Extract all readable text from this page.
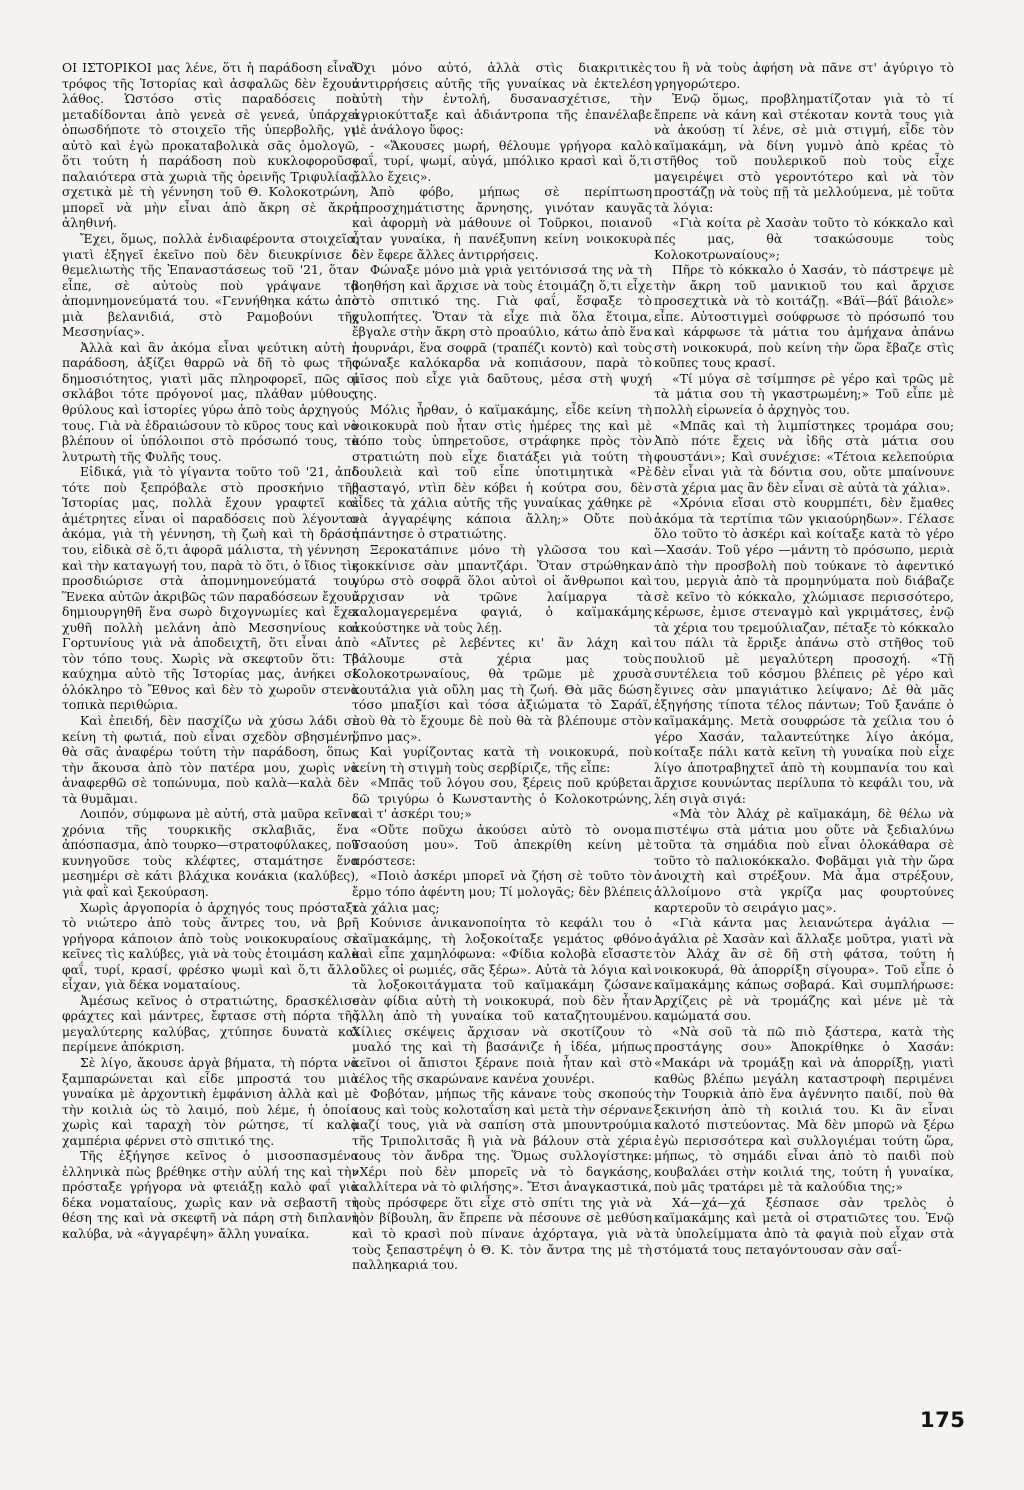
ΟΙ ΙΣΤΟΡΙΚΟΙ μας λένε, ὅτι ἡ παράδοση εἶναι τρόφος τῆς Ἱστορίας καὶ ἀσφαλῶς δὲν ἔχουν λάθος. Ὡστόσο στὶς παραδόσεις ποὺ μεταδίδονται ἀπὸ γενεὰ σὲ γενεά, ὑπάρχει ὁπωσδήποτε τὸ στοιχεῖο τῆς ὑπερβολῆς, γι' αὐτὸ καὶ ἐγὼ προκαταβολικὰ σᾶς ὁμολογῶ, ὅτι τούτη ἡ παράδοση ποὺ κυκλοφοροῦσε παλαιότερα στὰ χωριὰ τῆς ὀρεινῆς Τριφυλίας, σχετικὰ μὲ τὴ γέννηση τοῦ Θ. Κολοκοτρώνη, μπορεῖ νὰ μὴν εἶναι ἀπὸ ἄκρη σὲ ἄκρη ἀληθινή.

Ἔχει, ὅμως, πολλὰ ἐνδιαφέροντα στοιχεῖα, γιατὶ ἐξηγεῖ ἐκεῖνο ποὺ δὲν διευκρίνισε ὁ θεμελιωτὴς τῆς Ἐπαναστάσεως τοῦ '21, ὅταν εἶπε, σὲ αὐτοὺς ποὺ γράψανε τὰ ἀπομνημονεύματά του. «Γεννήθηκα κάτω ἀπὸ μιὰ βελανιδιά, στὸ Ραμοβούνι τῆς Μεσσηνίας».

Ἀλλὰ καὶ ἂν ἀκόμα εἶναι ψεύτικη αὐτὴ ἡ παράδοση, ἀξίζει θαρρῶ νὰ δῆ τὸ φως τῆς δημοσιότητος, γιατὶ μᾶς πληροφορεῖ, πῶς οἱ σκλάβοι τότε πρόγονοί μας, πλάθαν μύθους, θρύλους καὶ ἱστορίες γύρω ἀπὸ τοὺς ἀρχηγούς τους. Γιὰ νὰ ἑδραιώσουν τὸ κῦρος τους καὶ νὰ βλέπουν οἱ ὑπόλοιποι στὸ πρόσωπό τους, τὸ λυτρωτὴ τῆς Φυλῆς τους.

Εἰδικά, γιὰ τὸ γίγαντα τοῦτο τοῦ '21, ἀπὸ τότε ποὺ ξεπρόβαλε στὸ προσκήνιο τῆς Ἱστορίας μας, πολλὰ ἔχουν γραφτεῖ καὶ ἀμέτρητες εἶναι οἱ παραδόσεις ποὺ λέγονται ἀκόμα, γιὰ τὴ γέννηση, τὴ ζωὴ καὶ τὴ δράση του, εἰδικὰ σὲ ὅ,τι ἀφορᾶ μάλιστα, τὴ γέννηση καὶ τὴν καταγωγή του, παρὰ τὸ ὅτι, ὁ ἴδιος τὶς προσδιώρισε στὰ ἀπομνημονεύματά του. Ἕνεκα αὐτῶν ἀκριβῶς τῶν παραδόσεων ἔχουν δημιουργηθῆ ἕνα σωρὸ διχογνωμίες καὶ ἔχει χυθῆ πολλὴ μελάνη ἀπὸ Μεσσηνίους καὶ Γορτυνίους γιὰ νὰ ἀποδειχτῆ, ὅτι εἶναι ἀπὸ τὸν τόπο τους. Χωρὶς νὰ σκεφτοῦν ὅτι: Τὸ καύχημα αὐτὸ τῆς Ἱστορίας μας, ἀνήκει σὲ ὁλόκληρο τὸ Ἔθνος καὶ δὲν τὸ χωροῦν στενὰ τοπικὰ περιθώρια.

Καὶ ἐπειδή, δὲν πασχίζω νὰ χύσω λάδι σὲ κείνη τὴ φωτιά, ποὺ εἶναι σχεδὸν σβησμένη, θὰ σᾶς ἀναφέρω τούτη τὴν παράδοση, ὅπως τὴν ἄκουσα ἀπὸ τὸν πατέρα μου, χωρὶς νὰ ἀναφερθῶ σὲ τοπώνυμα, ποὺ καλὰ—καλὰ δὲν τὰ θυμᾶμαι.

Λοιπόν, σύμφωνα μὲ αὐτή, στὰ μαῦρα κεῖνα χρόνια τῆς τουρκικῆς σκλαβιᾶς, ἕνα ἀπόσπασμα, ἀπὸ τουρκο—στρατοφύλακες, ποὺ κυνηγοῦσε τοὺς κλέφτες, σταμάτησε ἕνα μεσημέρι σὲ κάτι βλάχικα κονάκια (καλύβες), γιὰ φαῒ καὶ ξεκούραση.

Χωρὶς ἀργοπορία ὁ ἀρχηγός τους πρόσταξε τὸ νιώτερο ἀπὸ τοὺς ἄντρες του, νὰ βρῆ γρήγορα κάποιον ἀπὸ τοὺς νοικοκυραίους σὲ κεῖνες τὶς καλύβες, γιὰ νὰ τοὺς ἑτοιμάση καλὸ φαΐ, τυρί, κρασί, φρέσκο ψωμὶ καὶ ὅ,τι ἄλλο εἶχαν, γιὰ δέκα νοματαίους.

Ἀμέσως κεῖνος ὁ στρατιώτης, δρασκέλισε φράχτες καὶ μάντρες, ἔφτασε στὴ πόρτα τῆς μεγαλύτερης καλύβας, χτύπησε δυνατὰ καὶ περίμενε ἀπόκριση.

Σὲ λίγο, ἄκουσε ἀργὰ βήματα, τὴ πόρτα νὰ ξαμπαρώνεται καὶ εἶδε μπροστά του μιὰ γυναίκα μὲ ἀρχοντικὴ ἐμφάνιση ἀλλὰ καὶ μὲ τὴν κοιλιὰ ὡς τὸ λαιμό, ποὺ λέμε, ἡ ὁποία χωρὶς καὶ ταραχὴ τὸν ρώτησε, τί καλὰ χαμπέρια φέρνει στὸ σπιτικό της.

Τῆς ἐξήγησε κεῖνος ὁ μισοσπασμένα ἑλληνικὰ πὼς βρέθηκε στὴν αὐλή της καὶ τὴν πρόσταξε γρήγορα νὰ φτειάξῃ καλὸ φαΐ γιὰ δέκα νοματαίους, χωρὶς καν νὰ σεβαστῆ τὴ θέση της καὶ νὰ σκεφτῆ νὰ πάρη στὴ διπλανὴ καλύβα, νὰ «ἀγγαρέψη» ἄλλη γυναίκα.

Ὄχι μόνο αὐτό, ἀλλὰ στὶς διακριτικὲς ἀντιρρήσεις αὐτῆς τῆς γυναίκας νὰ ἐκτελέση αὐτὴ τὴν ἐντολή, δυσανασχέτισε, τὴν ἀγριοκύτταξε καὶ ἀδιάντροπα τῆς ἐπανέλαβε μὲ ἀνάλογο ὕφος:

- «Ἄκουσες μωρή, θέλουμε γρήγορα καλὸ φαΐ, τυρί, ψωμί, αὐγά, μπόλικο κρασὶ καὶ ὅ,τι ἄλλο ἔχεις».

Ἀπὸ φόβο, μήπως σὲ περίπτωση ἀπροσχημάτιστης ἄρνησης, γινόταν καυγᾶς καὶ ἀφορμὴ νὰ μάθουνε οἱ Τοῦρκοι, ποιανοῦ ἦταν γυναίκα, ἡ πανέξυπνη κείνη νοικοκυρὰ δὲν ἔφερε ἄλλες ἀντιρρήσεις.

Φώναξε μόνο μιὰ γριὰ γειτόνισσά της νὰ τὴ βοηθήση καὶ ἄρχισε νὰ τοὺς ἑτοιμάζη ὅ,τι εἶχε στὸ σπιτικό της. Γιὰ φαΐ, ἔσφαξε τὸ χυλοπήτες. Ὅταν τὰ εἶχε πιὰ ὅλα ἕτοιμα, ἔβγαλε στὴν ἄκρη στὸ προαύλιο, κάτω ἀπὸ ἕνα πουρνάρι, ἕνα σοφρᾶ (τραπέζι κοντὸ) καὶ τοὺς φώναξε καλόκαρδα νὰ κοπιάσουν, παρὰ τὸ μῖσος ποὺ εἶχε γιὰ δαῦτους, μέσα στὴ ψυχή της.

Μόλις ἦρθαν, ὁ καϊμακάμης, εἶδε κείνη τὴ νοικοκυρὰ ποὺ ἦταν στὶς ἡμέρες της καὶ μὲ κόπο τοὺς ὑπηρετοῦσε, στράφηκε πρὸς τὸν στρατιώτη ποὺ εἶχε διατάξει γιὰ τούτη τὴ δουλειὰ καὶ τοῦ εἶπε ὑποτιμητικὰ «Ρὲ βασταγό, ντὶπ δὲν κόβει ἡ κούτρα σου, δὲν εἶδες τὰ χάλια αὐτῆς τῆς γυναίκας χάθηκε ρὲ νὰ ἀγγαρέψης κάποια ἄλλη;» Οὔτε ποὺ ἀπάντησε ὁ στρατιώτης.

Ξεροκατάπινε μόνο τὴ γλῶσσα του καὶ κοκκίνισε σὰν μπαντζάρι. Ὅταν στρώθηκαν γύρω στὸ σοφρᾶ ὅλοι αὐτοὶ οἱ ἄνθρωποι καὶ ἄρχισαν νὰ τρῶνε λαίμαργα τὰ καλομαγερεμένα φαγιά, ὁ καϊμακάμης ἀκούστηκε νὰ τοὺς λέῃ.

«Αἴντες ρὲ λεβέντες κι' ἂν λάχη καὶ βάλουμε στὰ χέρια μας τοὺς Κολοκοτρωναίους, θὰ τρῶμε μὲ χρυσὰ κουτάλια γιὰ οὔλη μας τὴ ζωή. Θὰ μᾶς δώση τόσο μπαξίσι καὶ τόσα ἀξιώματα τὸ Σαράϊ, ποὺ θὰ τὸ ἔχουμε δὲ ποὺ θὰ τὰ βλέπουμε στὸν ὕπνο μας».

Καὶ γυρίζοντας κατὰ τὴ νοικοκυρά, ποὺ κείνη τὴ στιγμὴ τοὺς σερβίριζε, τῆς εἶπε:

«Μπᾶς τοῦ λόγου σου, ξέρεις ποῦ κρύβεται δῶ τριγύρω ὁ Κωνσταντὴς ὁ Κολοκοτρώνης, καὶ τ' ἀσκέρι του;»

«Οὔτε ποῦχω ἀκούσει αὐτὸ τὸ ονομα Τσαούση μου». Τοῦ ἀπεκρίθη κείνη μὲ πρόστεσε:

«Ποιὸ ἀσκέρι μπορεῖ νὰ ζήση σὲ τοῦτο τὸν ἔρμο τόπο ἀφέντη μου; Τί μολογᾶς; δὲν βλέπεις τὰ χάλια μας;

Κούνισε ἀνικανοποίητα τὸ κεφάλι του ὁ καϊμακάμης, τὴ λοξοκοίταξε γεμάτος φθόνο καὶ εἶπε χαμηλόφωνα: «Φίδια κολοβὰ εἴσαστε οὔλες οἱ ρωμιές, σᾶς ξέρω». Αὐτὰ τὰ λόγια καὶ τὰ λοξοκοιτάγματα τοῦ καϊμακάμη ζώσανε σὰν φίδια αὐτὴ τὴ νοικοκυρά, ποὺ δὲν ἦταν ἄλλη ἀπὸ τὴ γυναίκα τοῦ καταζητουμένου. Χίλιες σκέψεις ἄρχισαν νὰ σκοτίζουν τὸ μυαλό της καὶ τὴ βασάνιζε ἡ ἰδέα, μήπως κεῖνοι οἱ ἄπιστοι ξέρανε ποιὰ ἦταν καὶ στὸ τέλος τῆς σκαρώνανε κανένα χουνέρι.

Φοβόταν, μήπως τῆς κάνανε τοὺς σκοπούς τους καὶ τοὺς κολοταΐση καὶ μετὰ τὴν σέρνανε μαζί τους, γιὰ νὰ σαπίση στὰ μπουντρούμια τῆς Τριπολιτσᾶς ἢ γιὰ νὰ βάλουν στὰ χέρια τους τὸν ἄνδρα της. Ὅμως συλλογίστηκε: «Χέρι ποὺ δὲν μπορεῖς νὰ τὸ δαγκάσης, καλλίτερα νὰ τὸ φιλήσης». Ἔτσι ἀναγκαστικά, τοὺς πρόσφερε ὅτι εἶχε στὸ σπίτι της γιὰ νὰ τὸν βίβουλη, ἂν ἔπρεπε νὰ πέσουνε σὲ μεθύση καὶ τὸ κρασὶ ποὺ πίνανε ἀχόρταγα, γιὰ νὰ τοὺς ξεπαστρέψη ὁ Θ. Κ. τὸν ἄντρα της μὲ τὴ παλληκαριά του.

του ἢ νὰ τοὺς ἀφήση νὰ πᾶνε στ' ἀγύριγο τὸ γρηγορώτερο.

Ἐνῷ ὅμως, προβληματίζοταν γιὰ τὸ τί ἔπρεπε νὰ κάνη καὶ στέκοταν κοντὰ τους γιὰ νὰ ἀκούσῃ τί λένε, σὲ μιὰ στιγμή, εἶδε τὸν καϊμακάμη, νὰ δίνη γυμνὸ ἀπὸ κρέας τὸ στῆθος τοῦ πουλερικοῦ ποὺ τοὺς εἶχε μαγειρέψει στὸ γεροντότερο καὶ νὰ τὸν προστάζῃ νὰ τοὺς πῇ τὰ μελλούμενα, μὲ τοῦτα τὰ λόγια:

«Γιὰ κοίτα ρὲ Χασὰν τοῦτο τὸ κόκκαλο καὶ πές μας, θὰ τσακώσουμε τοὺς Κολοκοτρωναίους»;

Πῆρε τὸ κόκκαλο ὁ Χασάν, τὸ πάστρεψε μὲ τὴν ἄκρη τοῦ μανικιοῦ του καὶ ἄρχισε προσεχτικὰ νὰ τὸ κοιτάζῃ. «Βάϊ—βάϊ βάιολε» εἶπε. Αὐτοστιγμεὶ σούφρωσε τὸ πρόσωπό του καὶ κάρφωσε τὰ μάτια του ἀμήχανα ἀπάνω στὴ νοικοκυρά, ποὺ κείνη τὴν ὥρα ἔβαζε στὶς κοῦπες τους κρασί.

«Τί μύγα σὲ τσίμπησε ρὲ γέρο καὶ τρῶς μὲ τὰ μάτια σου τὴ γκαστρωμένη;» Τοῦ εἶπε μὲ πολλὴ εἰρωνεία ὁ ἀρχηγὸς του.

«Μπᾶς καὶ τὴ λιμπίστηκες τρομάρα σου; Ἀπὸ πότε ἔχεις νὰ ἰδῆς στὰ μάτια σου φουστάνι»; Καὶ συνέχισε: «Τέτοια κελεπούρια δὲν εἶναι γιὰ τὰ δόντια σου, οὔτε μπαίνουνε στὰ χέρια μας ἂν δὲν εἶναι σὲ αὐτὰ τὰ χάλια».

«Χρόνια εἴσαι στὸ κουρμπέτι, δὲν ἔμαθες ἀκόμα τὰ τερτίπια τῶν γκιαούρηδων». Γέλασε ὅλο τοῦτο τὸ ἀσκέρι καὶ κοίταξε κατὰ τὸ γέρο —Χασάν. Τοῦ γέρο —μάντη τὸ πρόσωπο, μεριὰ ἀπὸ τὴν προσβολὴ ποὺ τούκανε τὸ ἀφεντικό του, μεργιὰ ἀπὸ τὰ προμηνύματα ποὺ διάβαζε σὲ κεῖνο τὸ κόκκαλο, χλώμιασε περισσότερο, κέρωσε, ἐμισε στεναγμὸ καὶ γκριμάτσες, ἐνῷ τὰ χέρια του τρεμούλιαζαν, πέταξε τὸ κόκκαλο του πάλι τὰ ἔρριξε ἀπάνω στὸ στῆθος τοῦ πουλιοῦ μὲ μεγαλύτερη προσοχή. «Τῇ συντέλεια τοῦ κόσμου βλέπεις ρὲ γέρο καὶ ἔγινες σὰν μπαγιάτικο λείψανο; Δὲ θὰ μᾶς ἐξηγήσης τίποτα τέλος πάντων; Τοῦ ξανάπε ὁ καϊμακάμης. Μετὰ σουφρώσε τὰ χείλια του ὁ γέρο Χασάν, ταλαντεύτηκε λίγο ἀκόμα, κοίταξε πάλι κατὰ κεῖνη τὴ γυναίκα ποὺ εἶχε λίγο ἀποτραβηχτεῖ ἀπὸ τὴ κουμπανία του καὶ ἄρχισε κουνώντας περίλυπα τὸ κεφάλι του, νὰ λέη σιγὰ σιγά:

«Μὰ τὸν Ἀλάχ ρὲ καϊμακάμη, δὲ θέλω νὰ πιστέψω στὰ μάτια μου οὔτε νὰ ξεδιαλύνω τοῦτα τὰ σημάδια ποὺ εἶναι ὁλοκάθαρα σὲ τοῦτο τὸ παλιοκόκκαλο. Φοβᾶμαι γιὰ τὴν ὥρα ἀνοιχτὴ καὶ στρέξουν. Μὰ ἆμα στρέξουν, ἀλλοίμονο στὰ γκρίζα μας φουρτούνες καρτεροῦν τὸ σειράγιο μας».

«Γιὰ κάντα μας λειανώτερα ἀγάλια — ἀγάλια ρὲ Χασὰν καὶ ἄλλαξε μοῦτρα, γιατὶ νὰ τὸν Ἀλάχ ἂν σὲ δῆ στὴ φάτσα, τούτη ἡ νοικοκυρά, θὰ ἀπορρίξη σίγουρα». Τοῦ εἶπε ὁ καϊμακάμης κάπως σοβαρά. Καὶ συμπλήρωσε: Ἀρχίζεις ρὲ νὰ τρομάζης καὶ μένε μὲ τὰ καμώματά σου.

«Νὰ σοῦ τὰ πῶ πιὸ ξάστερα, κατὰ τὴς προστάγης σου» Ἀποκρίθηκε ὁ Χασάν: «Μακάρι νὰ τρομάξῃ καὶ νὰ ἀπορρίξῃ, γιατὶ καθὼς βλέπω μεγάλη καταστροφὴ περιμένει τὴν Τουρκιὰ ἀπὸ ἕνα ἀγέννητο παιδί, ποὺ θὰ ξεκινήση ἀπὸ τὴ κοιλιά του. Κι ἂν εἶναι καλοτό πιστεύοντας. Μὰ δὲν μπορῶ νὰ ξέρω ἐγὼ περισσότερα καὶ συλλογιέμαι τούτη ὥρα, μήπως, τὸ σημάδι εἶναι ἀπὸ τὸ παιδὶ ποὺ κουβαλάει στὴν κοιλιά της, τούτη ἡ γυναίκα, ποὺ μᾶς τρατάρει μὲ τὰ καλούδια της;»

Χά—χά—χά ξέσπασε σὰν τρελὸς ὁ καϊμακάμης καὶ μετὰ οἱ στρατιῶτες του. Ἐνῷ τὰ ὑπολείμματα ἀπὸ τὰ φαγιὰ ποὺ εἶχαν στὰ στόματά τους πεταγόντουσαν σὰν σαΐ-

175
